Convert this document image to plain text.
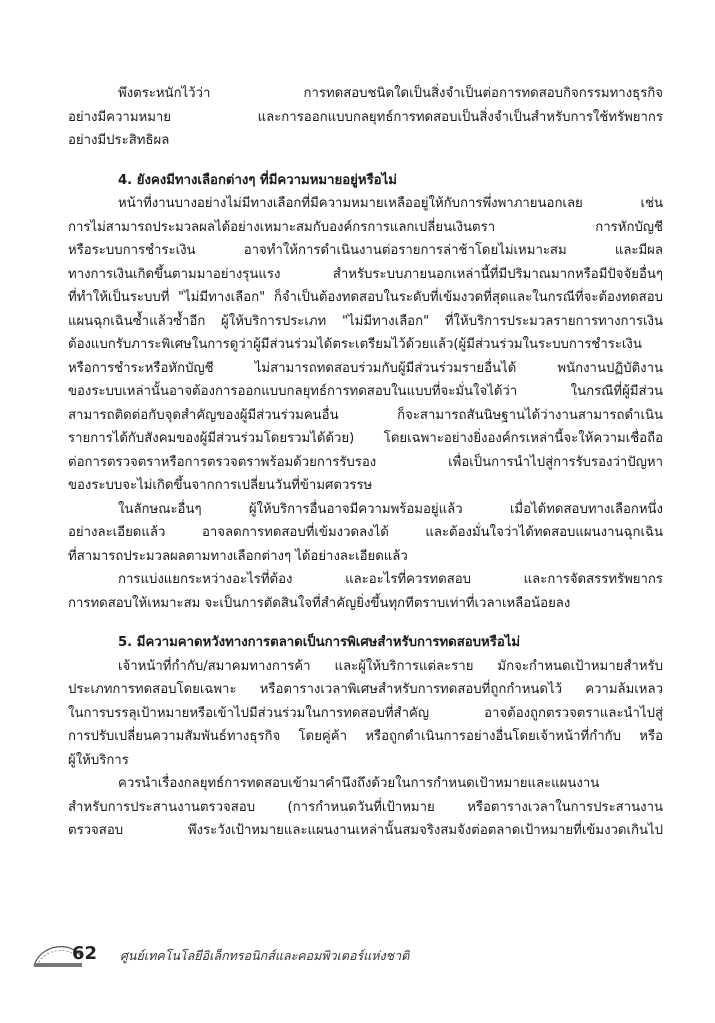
พึงตระหนักไว้ว่า การทดสอบชนิดใดเป็นสิ่งจำเป็นต่อการทดสอบกิจกรรมทางธุรกิจ
อย่างมีความหมาย และการออกแบบกลยุทธ์การทดสอบเป็นสิ่งจำเป็นสำหรับการใช้ทรัพยากร
อย่างมีประสิทธิผล
4. ยังคงมีทางเลือกต่างๆ ที่มีความหมายอยู่หรือไม่
หน้าที่งานบางอย่างไม่มีทางเลือกที่มีความหมายเหลืออยู่ให้กับการพึ่งพาภายนอกเลย เช่น
การไม่สามารถประมวลผลได้อย่างเหมาะสมกับองค์กรการแลกเปลี่ยนเงินตรา การหักบัญชี
หรือระบบการชำระเงิน อาจทำให้การดำเนินงานต่อรายการล่าช้าโดยไม่เหมาะสม และมีผล
ทางการเงินเกิดขึ้นตามมาอย่างรุนแรง สำหรับระบบภายนอกเหล่านี้ที่มีปริมาณมากหรือมีปัจจัยอื่นๆ
ที่ทำให้เป็นระบบที่ "ไม่มีทางเลือก" ก็จำเป็นต้องทดสอบในระดับที่เข้มงวดที่สุดและในกรณีที่จะต้องทดสอบ
แผนฉุกเฉินซ้ำแล้วซ้ำอีก ผู้ให้บริการประเภท "ไม่มีทางเลือก" ที่ให้บริการประมวลรายการทางการเงิน
ต้องแบกรับภาระพิเศษในการดูว่าผู้มีส่วนร่วมได้ตระเตรียมไว้ด้วยแล้ว(ผู้มีส่วนร่วมในระบบการชำระเงิน
หรือการชำระหรือหักบัญชี ไม่สามารถทดสอบร่วมกับผู้มีส่วนร่วมรายอื่นได้ พนักงานปฏิบัติงาน
ของระบบเหล่านั้นอาจต้องการออกแบบกลยุทธ์การทดสอบในแบบที่จะมั่นใจได้ว่า ในกรณีที่ผู้มีส่วน
สามารถติดต่อกับจุดสำคัญของผู้มีส่วนร่วมคนอื่น ก็จะสามารถสันนิษฐานได้ว่างานสามารถดำเนิน
รายการได้กับสังคมของผู้มีส่วนร่วมโดยรวมได้ด้วย) โดยเฉพาะอย่างยิ่งองค์กรเหล่านี้จะให้ความเชื่อถือ
ต่อการตรวจตราหรือการตรวจตราพร้อมด้วยการรับรอง เพื่อเป็นการนำไปสู่การรับรองว่าปัญหา
ของระบบจะไม่เกิดขึ้นจากการเปลี่ยนวันที่ข้ามศตวรรษ
ในลักษณะอื่นๆ ผู้ให้บริการอื่นอาจมีความพร้อมอยู่แล้ว เมื่อได้ทดสอบทางเลือกหนึ่ง
อย่างละเอียดแล้ว อาจลดการทดสอบที่เข้มงวดลงได้ และต้องมั่นใจว่าได้ทดสอบแผนงานฉุกเฉิน
ที่สามารถประมวลผลตามทางเลือกต่างๆ ได้อย่างละเอียดแล้ว
การแบ่งแยกระหว่างอะไรที่ต้อง และอะไรที่ควรทดสอบ และการจัดสรรทรัพยากร
การทดสอบให้เหมาะสม จะเป็นการตัดสินใจที่สำคัญยิ่งขึ้นทุกทีตราบเท่าที่เวลาเหลือน้อยลง
5. มีความคาดหวังทางการตลาดเป็นการพิเศษสำหรับการทดสอบหรือไม่
เจ้าหน้าที่กำกับ/สมาคมทางการค้า และผู้ให้บริการแต่ละราย มักจะกำหนดเป้าหมายสำหรับ
ประเภทการทดสอบโดยเฉพาะ หรือตารางเวลาพิเศษสำหรับการทดสอบที่ถูกกำหนดไว้ ความล้มเหลว
ในการบรรลุเป้าหมายหรือเข้าไปมีส่วนร่วมในการทดสอบที่สำคัญ อาจต้องถูกตรวจตราและนำไปสู่
การปรับเปลี่ยนความสัมพันธ์ทางธุรกิจ โดยคู่ค้า หรือถูกดำเนินการอย่างอื่นโดยเจ้าหน้าที่กำกับ หรือ
ผู้ให้บริการ
ควรนำเรื่องกลยุทธ์การทดสอบเข้ามาคำนึงถึงด้วยในการกำหนดเป้าหมายและแผนงาน
สำหรับการประสานงานตรวจสอบ (การกำหนดวันที่เป้าหมาย หรือตารางเวลาในการประสานงาน
ตรวจสอบ พึงระวังเป้าหมายและแผนงานเหล่านั้นสมจริงสมจังต่อตลาดเป้าหมายที่เข้มงวดเกินไป
62 ศูนย์เทคโนโลยีอิเล็กทรอนิกส์และคอมพิวเตอร์แห่งชาติ
